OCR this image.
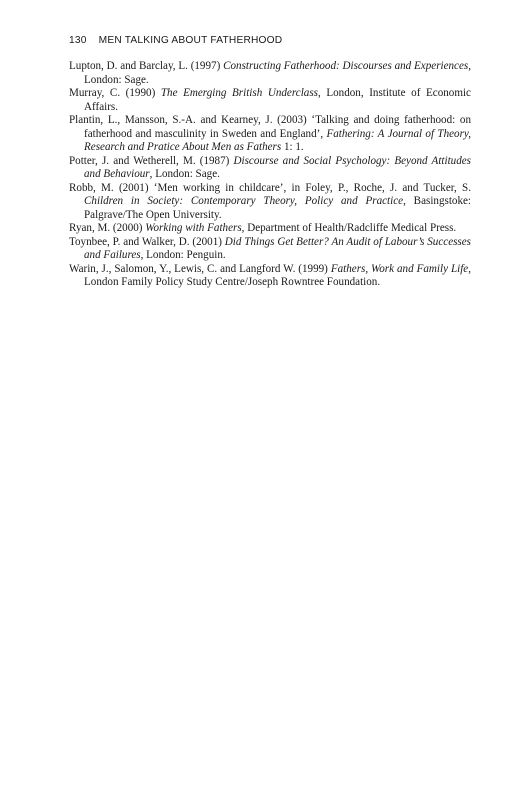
130 MEN TALKING ABOUT FATHERHOOD
Lupton, D. and Barclay, L. (1997) Constructing Fatherhood: Discourses and Experiences, London: Sage.
Murray, C. (1990) The Emerging British Underclass, London, Institute of Economic Affairs.
Plantin, L., Mansson, S.-A. and Kearney, J. (2003) ‘Talking and doing fatherhood: on fatherhood and masculinity in Sweden and England’, Fathering: A Journal of Theory, Research and Pratice About Men as Fathers 1: 1.
Potter, J. and Wetherell, M. (1987) Discourse and Social Psychology: Beyond Attitudes and Behaviour, London: Sage.
Robb, M. (2001) ‘Men working in childcare’, in Foley, P., Roche, J. and Tucker, S. Children in Society: Contemporary Theory, Policy and Practice, Basingstoke: Palgrave/The Open University.
Ryan, M. (2000) Working with Fathers, Department of Health/Radcliffe Medical Press.
Toynbee, P. and Walker, D. (2001) Did Things Get Better? An Audit of Labour’s Successes and Failures, London: Penguin.
Warin, J., Salomon, Y., Lewis, C. and Langford W. (1999) Fathers, Work and Family Life, London Family Policy Study Centre/Joseph Rowntree Foundation.
